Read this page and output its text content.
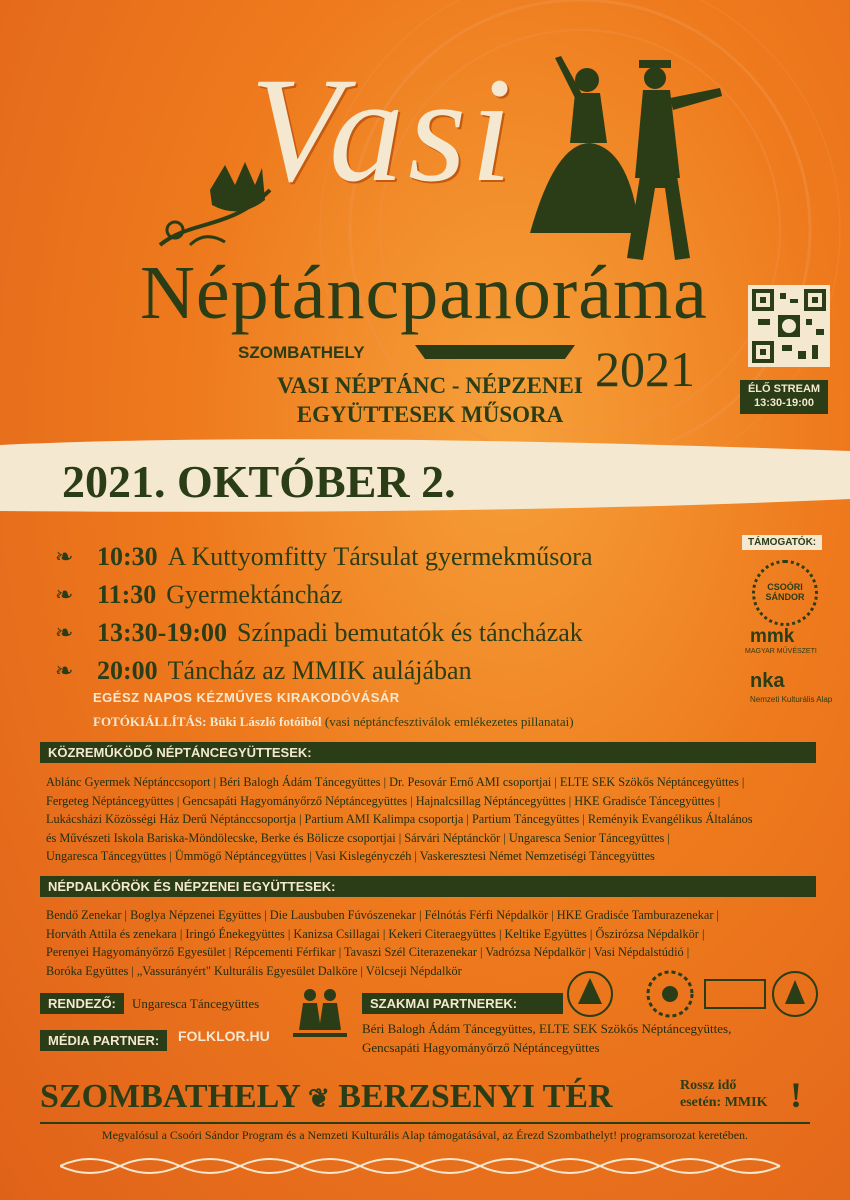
Vasi
Néptáncpanoráma
SZOMBATHELY	2021
VASI NÉPTÁNC - NÉPZENEI
EGYÜTTESEK MŰSORA
ÉLŐ STREAM
13:30-19:00
2021. OKTÓBER 2.
❧ 10:30 A Kuttyomfitty Társulat gyermekműsora
❧ 11:30 Gyermektáncház
❧ 13:30-19:00 Színpadi bemutatók és táncházak
❧ 20:00 Táncház az MMIK aulájában
TÁMOGATÓK:
CSOÓRI SÁNDOR
mmk
MAGYAR MŰVÉSZETI
nka
Nemzeti Kulturális Alap
EGÉSZ NAPOS KÉZMŰVES KIRAKODÓVÁSÁR
FOTÓKIÁLLÍTÁS: Büki László fotóiból (vasi néptáncfesztiválok emlékezetes pillanatai)
KÖZREMŰKÖDŐ NÉPTÁNCEGYÜTTESEK:
Ablánc Gyermek Néptánccsoport | Béri Balogh Ádám Táncegyüttes | Dr. Pesovár Ernő AMI csoportjai | ELTE SEK Szökős Néptáncegyüttes |
Fergeteg Néptáncegyüttes | Gencsapáti Hagyományőrző Néptáncegyüttes | Hajnalcsillag Néptáncegyüttes | HKE Gradisće Táncegyüttes |
Lukácsházi Közösségi Ház Derű Néptánccsoportja | Partium AMI Kalimpa csoportja | Partium Táncegyüttes | Reményik Evangélikus Általános
és Művészeti Iskola Bariska-Möndölecske, Berke és Bölicze csoportjai | Sárvári Néptánckör | Ungaresca Senior Táncegyüttes |
Ungaresca Táncegyüttes | Ümmögő Néptáncegyüttes | Vasi Kislegényczéh | Vaskeresztesi Német Nemzetiségi Táncegyüttes
NÉPDALKÖRÖK ÉS NÉPZENEI EGYÜTTESEK:
Bendő Zenekar | Boglya Népzenei Együttes | Die Lausbuben Fúvószenekar | Félnótás Férfi Népdalkör | HKE Gradisće Tamburazenekar |
Horváth Attila és zenekara | Iringó Énekegyüttes | Kanizsa Csillagai | Kekeri Citeraegyüttes | Keltike Együttes | Őszirózsa Népdalkör |
Perenyei Hagyományőrző Egyesület | Répcementi Férfikar | Tavaszi Szél Citerazenekar | Vadrózsa Népdalkör | Vasi Népdalstúdió |
Boróka Együttes | „Vassurányért" Kulturális Egyesület Dalköre | Völcseji Népdalkör
RENDEZŐ:	Ungaresca Táncegyüttes
MÉDIA PARTNER:	FOLKLOR.HU
SZAKMAI PARTNEREK:
Béri Balogh Ádám Táncegyüttes, ELTE SEK Szökős Néptáncegyüttes,
Gencsapáti Hagyományőrző Néptáncegyüttes
SZOMBATHELY ❦ BERZSENYI TÉR	Rossz idő
esetén: MMIK !
Megvalósul a Csoóri Sándor Program és a Nemzeti Kulturális Alap támogatásával, az Érezd Szombathelyt! programsorozat keretében.
